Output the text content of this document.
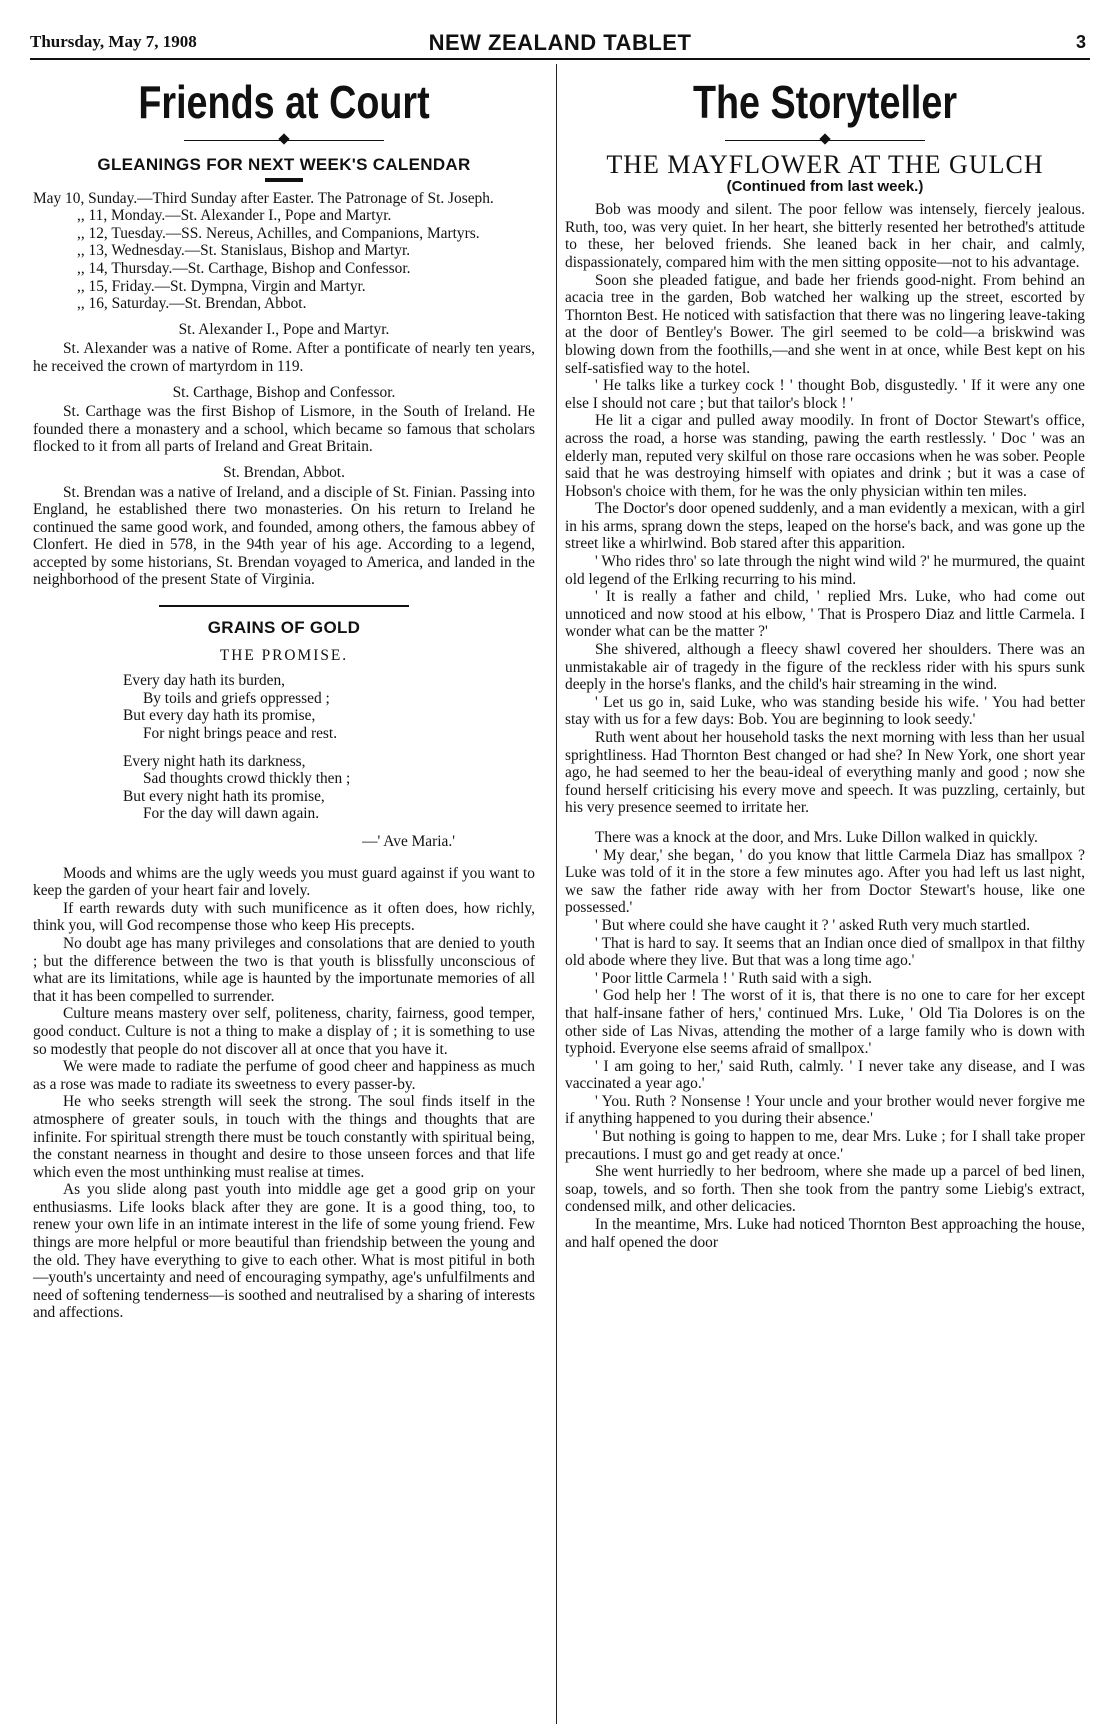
Thursday, May 7, 1908	NEW ZEALAND TABLET	3
Friends at Court
GLEANINGS FOR NEXT WEEK'S CALENDAR
May 10, Sunday.—Third Sunday after Easter. The Patronage of St. Joseph.
,, 11, Monday.—St. Alexander I., Pope and Martyr.
,, 12, Tuesday.—SS. Nereus, Achilles, and Companions, Martyrs.
,, 13, Wednesday.—St. Stanislaus, Bishop and Martyr.
,, 14, Thursday.—St. Carthage, Bishop and Confessor.
,, 15, Friday.—St. Dympna, Virgin and Martyr.
,, 16, Saturday.—St. Brendan, Abbot.
St. Alexander I., Pope and Martyr.

St. Alexander was a native of Rome. After a pontificate of nearly ten years, he received the crown of martyrdom in 119.

St. Carthage, Bishop and Confessor.

St. Carthage was the first Bishop of Lismore, in the South of Ireland. He founded there a monastery and a school, which became so famous that scholars flocked to it from all parts of Ireland and Great Britain.

St. Brendan, Abbot.

St. Brendan was a native of Ireland, and a disciple of St. Finian. Passing into England, he established there two monasteries. On his return to Ireland he continued the same good work, and founded, among others, the famous abbey of Clonfert. He died in 578, in the 94th year of his age. According to a legend, accepted by some historians, St. Brendan voyaged to America, and landed in the neighborhood of the present State of Virginia.

GRAINS OF GOLD
THE PROMISE.
Every day hath its burden,
By toils and griefs oppressed ;
But every day hath its promise,
For night brings peace and rest.
Every night hath its darkness,
Sad thoughts crowd thickly then ;
But every night hath its promise,
For the day will dawn again.
—' Ave Maria.'

Moods and whims are the ugly weeds you must guard against if you want to keep the garden of your heart fair and lovely.

If earth rewards duty with such munificence as it often does, how richly, think you, will God recompense those who keep His precepts.

No doubt age has many privileges and consolations that are denied to youth ; but the difference between the two is that youth is blissfully unconscious of what are its limitations, while age is haunted by the importunate memories of all that it has been compelled to surrender.

Culture means mastery over self, politeness, charity, fairness, good temper, good conduct. Culture is not a thing to make a display of ; it is something to use so modestly that people do not discover all at once that you have it.

We were made to radiate the perfume of good cheer and happiness as much as a rose was made to radiate its sweetness to every passer-by.

He who seeks strength will seek the strong. The soul finds itself in the atmosphere of greater souls, in touch with the things and thoughts that are infinite. For spiritual strength there must be touch constantly with spiritual being, the constant nearness in thought and desire to those unseen forces and that life which even the most unthinking must realise at times.

As you slide along past youth into middle age get a good grip on your enthusiasms. Life looks black after they are gone. It is a good thing, too, to renew your own life in an intimate interest in the life of some young friend. Few things are more helpful or more beautiful than friendship between the young and the old. They have everything to give to each other. What is most pitiful in both—youth's uncertainty and need of encouraging sympathy, age's unfulfilments and need of softening tenderness—is soothed and neutralised by a sharing of interests and affections.

The Storyteller
THE MAYFLOWER AT THE GULCH
(Continued from last week.)

Bob was moody and silent. The poor fellow was intensely, fiercely jealous. Ruth, too, was very quiet. In her heart, she bitterly resented her betrothed's attitude to these, her beloved friends. She leaned back in her chair, and calmly, dispassionately, compared him with the men sitting opposite—not to his advantage.

Soon she pleaded fatigue, and bade her friends good-night. From behind an acacia tree in the garden, Bob watched her walking up the street, escorted by Thornton Best. He noticed with satisfaction that there was no lingering leave-taking at the door of Bentley's Bower. The girl seemed to be cold—a briskwind was blowing down from the foothills,—and she went in at once, while Best kept on his self-satisfied way to the hotel.

' He talks like a turkey cock ! ' thought Bob, disgustedly. ' If it were any one else I should not care ; but that tailor's block ! '

He lit a cigar and pulled away moodily. In front of Doctor Stewart's office, across the road, a horse was standing, pawing the earth restlessly. ' Doc ' was an elderly man, reputed very skilful on those rare occasions when he was sober. People said that he was destroying himself with opiates and drink ; but it was a case of Hobson's choice with them, for he was the only physician within ten miles.

The Doctor's door opened suddenly, and a man evidently a mexican, with a girl in his arms, sprang down the steps, leaped on the horse's back, and was gone up the street like a whirlwind. Bob stared after this apparition.

' Who rides thro' so late through the night wind wild ?' he murmured, the quaint old legend of the Erlking recurring to his mind.

' It is really a father and child, ' replied Mrs. Luke, who had come out unnoticed and now stood at his elbow, ' That is Prospero Diaz and little Carmela. I wonder what can be the matter ?'

She shivered, although a fleecy shawl covered her shoulders. There was an unmistakable air of tragedy in the figure of the reckless rider with his spurs sunk deeply in the horse's flanks, and the child's hair streaming in the wind.

' Let us go in, said Luke, who was standing beside his wife. ' You had better stay with us for a few days: Bob. You are beginning to look seedy.'

Ruth went about her household tasks the next morning with less than her usual sprightliness. Had Thornton Best changed or had she? In New York, one short year ago, he had seemed to her the beau-ideal of everything manly and good ; now she found herself criticising his every move and speech. It was puzzling, certainly, but his very presence seemed to irritate her.

There was a knock at the door, and Mrs. Luke Dillon walked in quickly.

' My dear,' she began, ' do you know that little Carmela Diaz has smallpox ? Luke was told of it in the store a few minutes ago. After you had left us last night, we saw the father ride away with her from Doctor Stewart's house, like one possessed.'

' But where could she have caught it ? ' asked Ruth very much startled.

' That is hard to say. It seems that an Indian once died of smallpox in that filthy old abode where they live. But that was a long time ago.'

' Poor little Carmela ! ' Ruth said with a sigh.

' God help her ! The worst of it is, that there is no one to care for her except that half-insane father of hers,' continued Mrs. Luke, ' Old Tia Dolores is on the other side of Las Nivas, attending the mother of a large family who is down with typhoid. Everyone else seems afraid of smallpox.'

' I am going to her,' said Ruth, calmly. ' I never take any disease, and I was vaccinated a year ago.'

' You. Ruth ? Nonsense ! Your uncle and your brother would never forgive me if anything happened to you during their absence.'

' But nothing is going to happen to me, dear Mrs. Luke ; for I shall take proper precautions. I must go and get ready at once.'

She went hurriedly to her bedroom, where she made up a parcel of bed linen, soap, towels, and so forth. Then she took from the pantry some Liebig's extract, condensed milk, and other delicacies.

In the meantime, Mrs. Luke had noticed Thornton Best approaching the house, and half opened the door
